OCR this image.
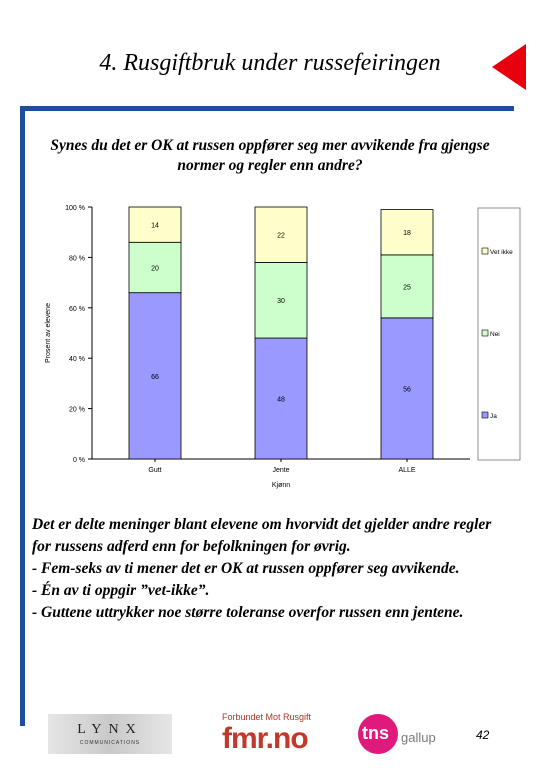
4. Rusgiftbruk under russefeiringen
Synes du det er OK at russen oppfører seg mer avvikende fra gjengse normer og regler enn andre?
0 %
20 %
40 %
60 %
80 %
100 %
Prosent av elevene
66
20
14
Gutt
48
30
22
Jente
56
25
18
ALLE
Kjønn
Vet ikke
Nei
Ja

Det er delte meninger blant elevene om hvorvidt det gjelder andre regler for russens adferd enn for befolkningen for øvrig.

- Fem-seks av ti mener det er OK at russen oppfører seg avvikende.

- Én av ti oppgir ”vet-ikke”.

- Guttene uttrykker noe større toleranse overfor russen enn jentene.

LYNX
COMMUNICATIONS
Forbundet Mot Rusgift
fmr.no	tns gallup	42
